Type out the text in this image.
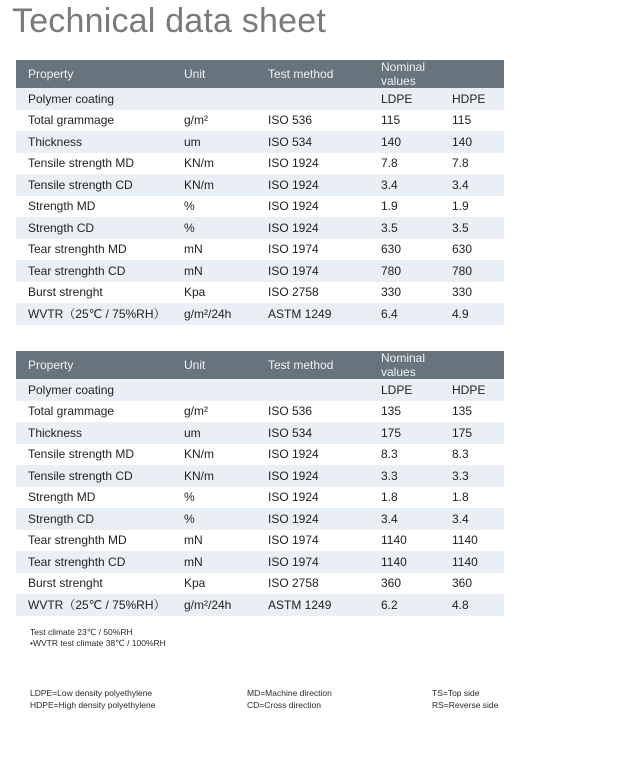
Technical data sheet
Property	Unit	Test method	Nominal values	
Polymer coating			LDPE	HDPE
Total grammage	g/m²	ISO 536	115	115
Thickness	um	ISO 534	140	140
Tensile strength MD	KN/m	ISO 1924	7.8	7.8
Tensile strength CD	KN/m	ISO 1924	3.4	3.4
Strength MD	%	ISO 1924	1.9	1.9
Strength CD	%	ISO 1924	3.5	3.5
Tear strenghth MD	mN	ISO 1974	630	630
Tear strenghth CD	mN	ISO 1974	780	780
Burst strenght	Kpa	ISO 2758	330	330
WVTR（25℃ / 75%RH）	g/m²/24h	ASTM 1249	6.4	4.9
Property	Unit	Test method	Nominal values	
Polymer coating			LDPE	HDPE
Total grammage	g/m²	ISO 536	135	135
Thickness	um	ISO 534	175	175
Tensile strength MD	KN/m	ISO 1924	8.3	8.3
Tensile strength CD	KN/m	ISO 1924	3.3	3.3
Strength MD	%	ISO 1924	1.8	1.8
Strength CD	%	ISO 1924	3.4	3.4
Tear strenghth MD	mN	ISO 1974	1140	1140
Tear strenghth CD	mN	ISO 1974	1140	1140
Burst strenght	Kpa	ISO 2758	360	360
WVTR（25℃ / 75%RH）	g/m²/24h	ASTM 1249	6.2	4.8
Test climate 23℃ / 50%RH
•WVTR test climate 38℃ / 100%RH
LDPE=Low density polyethylene
HDPE=High density polyethylene
MD=Machine direction
CD=Cross direction
TS=Top side
RS=Reverse side
